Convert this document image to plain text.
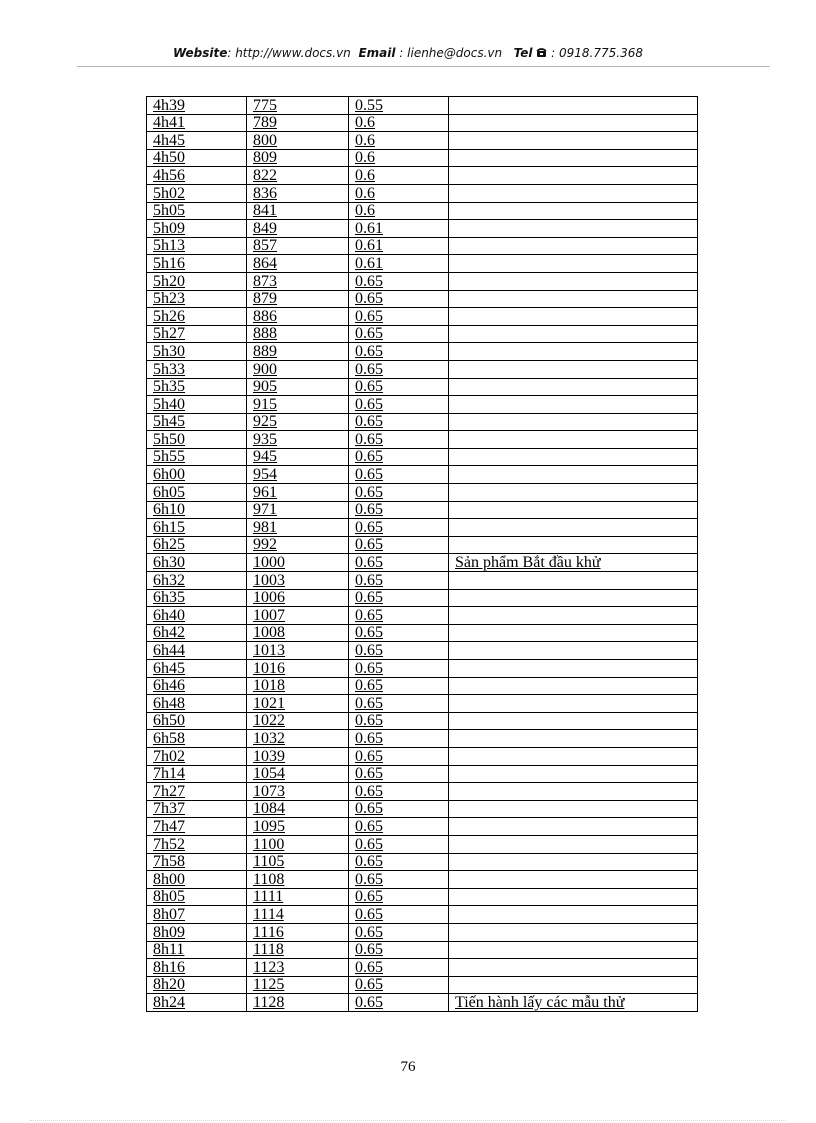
Website: http://www.docs.vn Email : lienhe@docs.vn Tel : 0918.775.368
4h39	775	0.55	
4h41	789	0.6	
4h45	800	0.6	
4h50	809	0.6	
4h56	822	0.6	
5h02	836	0.6	
5h05	841	0.6	
5h09	849	0.61	
5h13	857	0.61	
5h16	864	0.61	
5h20	873	0.65	
5h23	879	0.65	
5h26	886	0.65	
5h27	888	0.65	
5h30	889	0.65	
5h33	900	0.65	
5h35	905	0.65	
5h40	915	0.65	
5h45	925	0.65	
5h50	935	0.65	
5h55	945	0.65	
6h00	954	0.65	
6h05	961	0.65	
6h10	971	0.65	
6h15	981	0.65	
6h25	992	0.65	
6h30	1000	0.65	Sản phẩm Bắt đầu khử
6h32	1003	0.65	
6h35	1006	0.65	
6h40	1007	0.65	
6h42	1008	0.65	
6h44	1013	0.65	
6h45	1016	0.65	
6h46	1018	0.65	
6h48	1021	0.65	
6h50	1022	0.65	
6h58	1032	0.65	
7h02	1039	0.65	
7h14	1054	0.65	
7h27	1073	0.65	
7h37	1084	0.65	
7h47	1095	0.65	
7h52	1100	0.65	
7h58	1105	0.65	
8h00	1108	0.65	
8h05	1111	0.65	
8h07	1114	0.65	
8h09	1116	0.65	
8h11	1118	0.65	
8h16	1123	0.65	
8h20	1125	0.65	
8h24	1128	0.65	Tiến hành lấy các mẫu thử
76
